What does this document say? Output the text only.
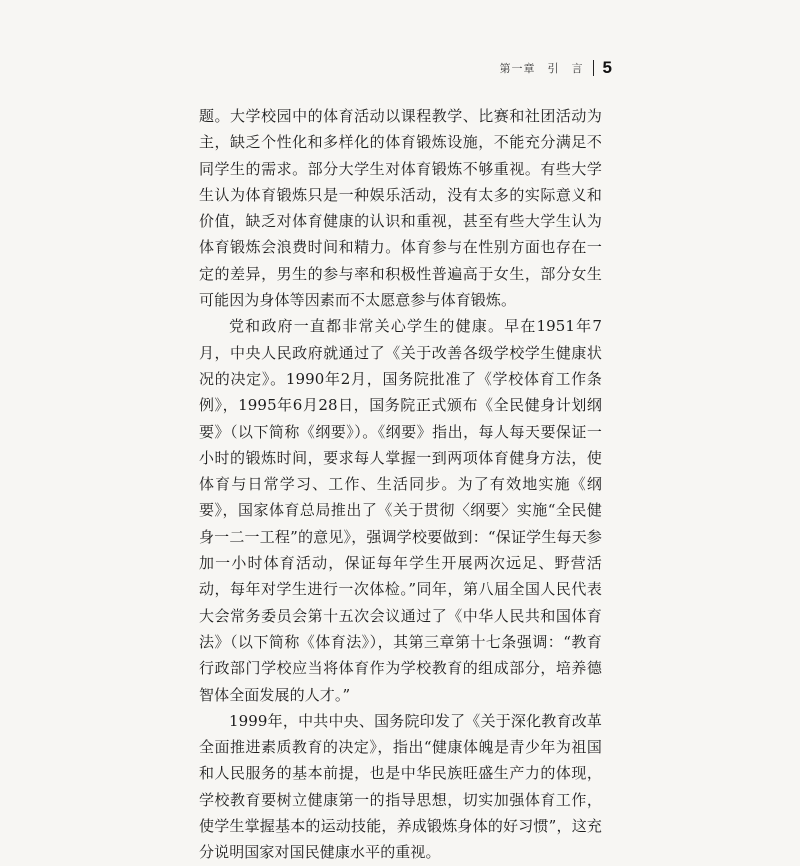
第一章　引　言 5

题。大学校园中的体育活动以课程教学、比赛和社团活动为主，缺乏个性化和多样化的体育锻炼设施，不能充分满足不同学生的需求。部分大学生对体育锻炼不够重视。有些大学生认为体育锻炼只是一种娱乐活动，没有太多的实际意义和价值，缺乏对体育健康的认识和重视，甚至有些大学生认为体育锻炼会浪费时间和精力。体育参与在性别方面也存在一定的差异，男生的参与率和积极性普遍高于女生，部分女生可能因为身体等因素而不太愿意参与体育锻炼。

党和政府一直都非常关心学生的健康。早在1951年7月，中央人民政府就通过了《关于改善各级学校学生健康状况的决定》。1990年2月，国务院批准了《学校体育工作条例》，1995年6月28日，国务院正式颁布《全民健身计划纲要》（以下简称《纲要》）。《纲要》指出，每人每天要保证一小时的锻炼时间，要求每人掌握一到两项体育健身方法，使体育与日常学习、工作、生活同步。为了有效地实施《纲要》，国家体育总局推出了《关于贯彻〈纲要〉实施“全民健身一二一工程”的意见》，强调学校要做到：“保证学生每天参加一小时体育活动，保证每年学生开展两次远足、野营活动，每年对学生进行一次体检。”同年，第八届全国人民代表大会常务委员会第十五次会议通过了《中华人民共和国体育法》（以下简称《体育法》），其第三章第十七条强调：“教育行政部门学校应当将体育作为学校教育的组成部分，培养德智体全面发展的人才。”

1999年，中共中央、国务院印发了《关于深化教育改革全面推进素质教育的决定》，指出“健康体魄是青少年为祖国和人民服务的基本前提，也是中华民族旺盛生产力的体现，学校教育要树立健康第一的指导思想，切实加强体育工作，使学生掌握基本的运动技能，养成锻炼身体的好习惯”，这充分说明国家对国民健康水平的重视。
